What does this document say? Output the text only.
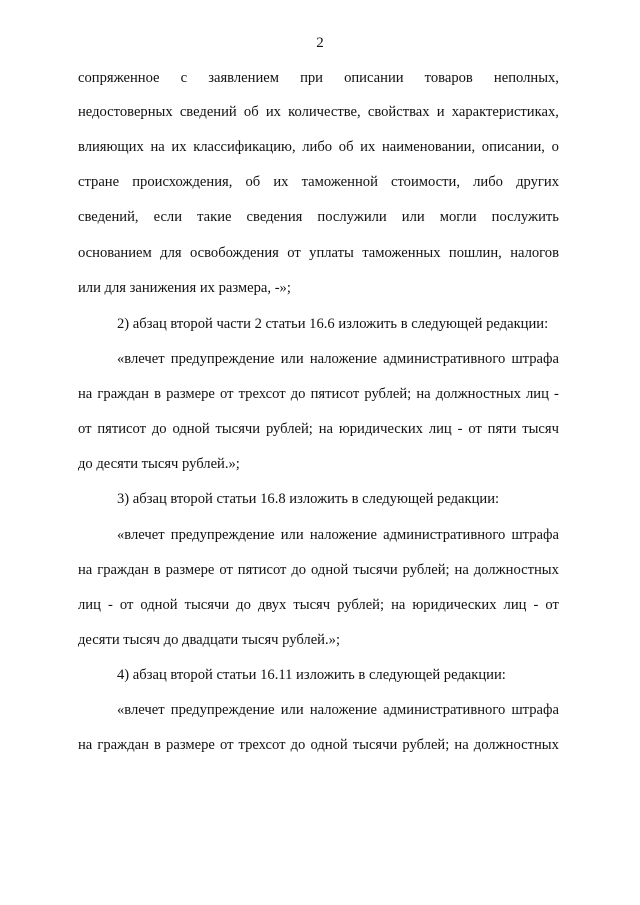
2
сопряженное с заявлением при описании товаров неполных,
недостоверных сведений об их количестве, свойствах и характеристиках,
влияющих на их классификацию, либо об их наименовании, описании, о
стране происхождения, об их таможенной стоимости, либо других
сведений, если такие сведения послужили или могли послужить
основанием для освобождения от уплаты таможенных пошлин, налогов
или для занижения их размера, -»;
2) абзац второй части 2 статьи 16.6 изложить в следующей редакции:
«влечет предупреждение или наложение административного штрафа
на граждан в размере от трехсот до пятисот рублей; на должностных лиц -
от пятисот до одной тысячи рублей; на юридических лиц - от пяти тысяч
до десяти тысяч рублей.»;
3) абзац второй статьи 16.8 изложить в следующей редакции:
«влечет предупреждение или наложение административного штрафа
на граждан в размере от пятисот до одной тысячи рублей; на должностных
лиц - от одной тысячи до двух тысяч рублей; на юридических лиц - от
десяти тысяч до двадцати тысяч рублей.»;
4) абзац второй статьи 16.11 изложить в следующей редакции:
«влечет предупреждение или наложение административного штрафа
на граждан в размере от трехсот до одной тысячи рублей; на должностных
